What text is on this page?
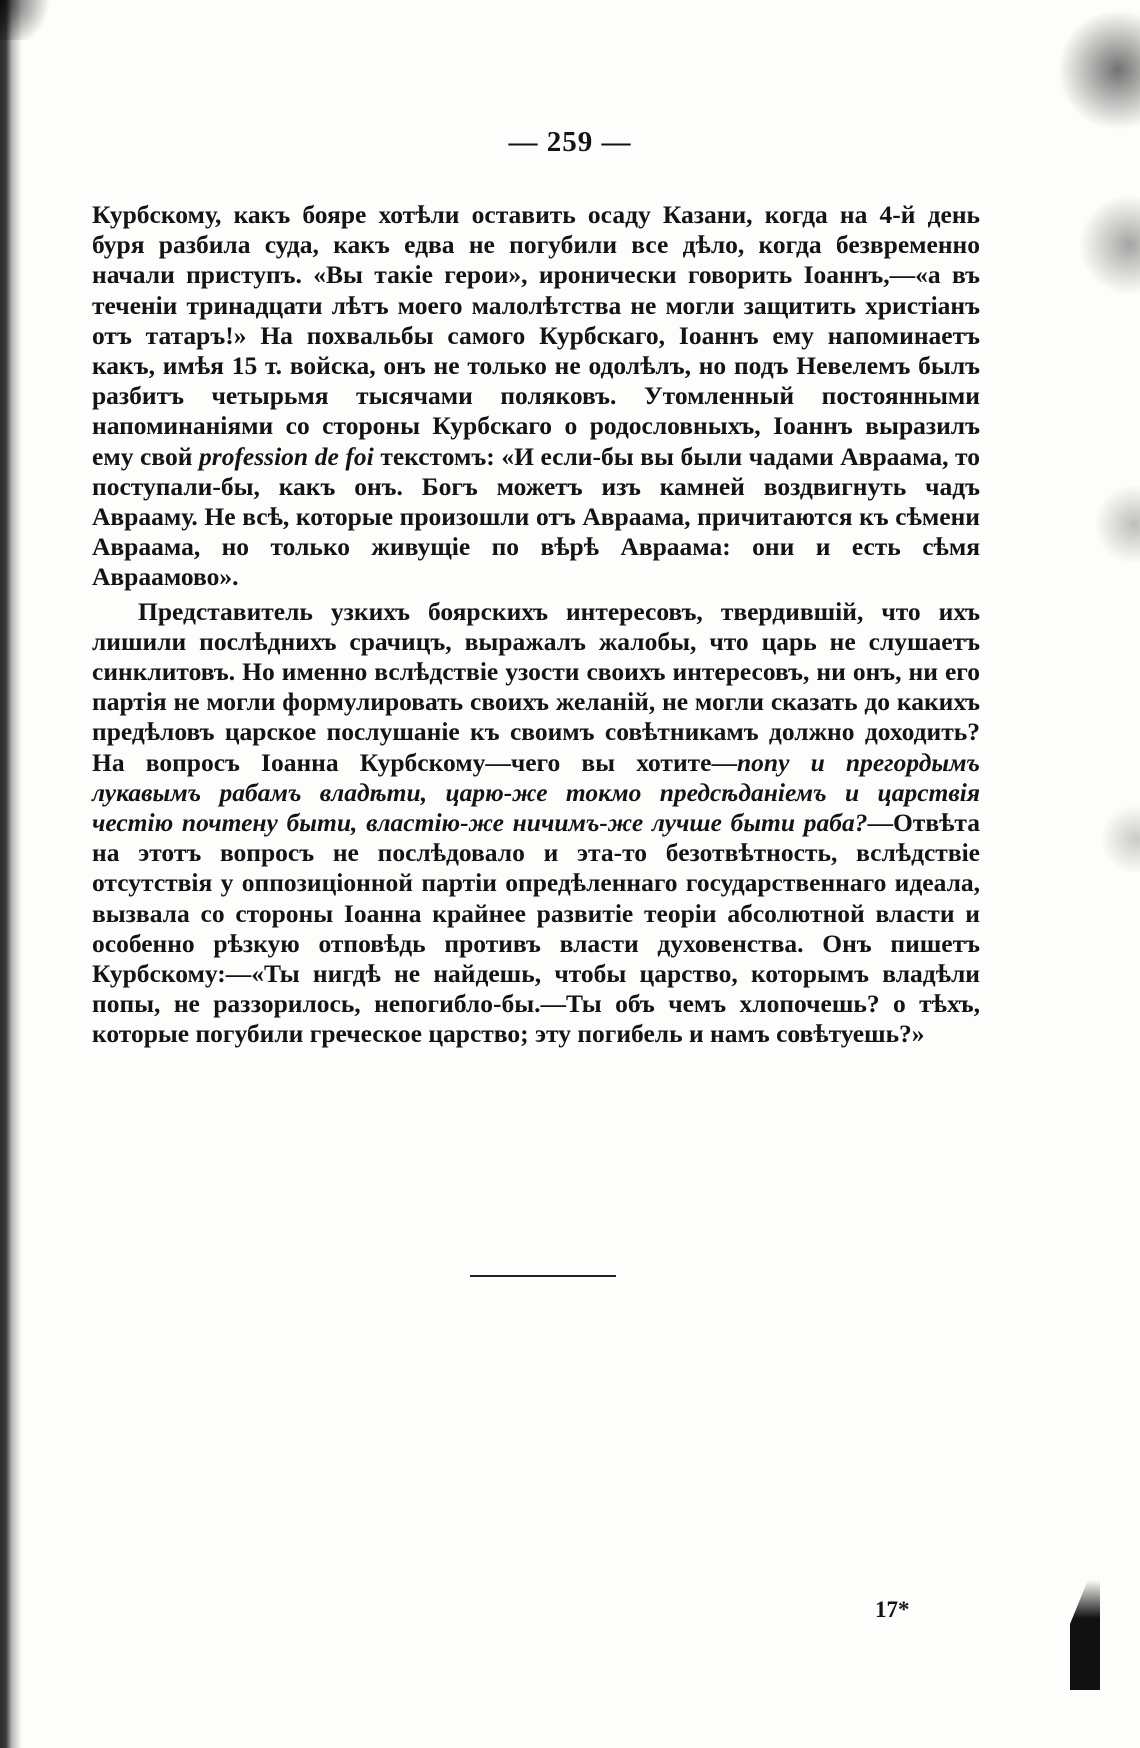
— 259 —

Курбскому, какъ бояре хотѣли оставить осаду Казани, когда на 4-й день буря разбила суда, какъ едва не погубили все дѣло, когда безвременно начали приступъ. «Вы такіе герои», иронически говорить Іоаннъ,—«а въ теченіи тринадцати лѣтъ моего малолѣтства не могли защитить христіанъ отъ татаръ!» На похвальбы самого Курбскаго, Іоаннъ ему напоминаетъ какъ, имѣя 15 т. войска, онъ не только не одолѣлъ, но подъ Невелемъ былъ разбитъ четырьмя тысячами поляковъ. Утомленный постоянными напоминаніями со стороны Курбскаго о родословныхъ, Іоаннъ выразилъ ему свой profession de foi текстомъ: «И если-бы вы были чадами Авраама, то поступали-бы, какъ онъ. Богъ можетъ изъ камней воздвигнуть чадъ Аврааму. Не всѣ, которые произошли отъ Авраама, причитаются къ сѣмени Авраама, но только живущіе по вѣрѣ Авраама: они и есть сѣмя Авраамово».

Представитель узкихъ боярскихъ интересовъ, твердившій, что ихъ лишили послѣднихъ срачицъ, выражалъ жалобы, что царь не слушаетъ синклитовъ. Но именно вслѣдствіе узости своихъ интересовъ, ни онъ, ни его партія не могли формулировать своихъ желаній, не могли сказать до какихъ предѣловъ царское послушаніе къ своимъ совѣтникамъ должно доходить? На вопросъ Іоанна Курбскому—чего вы хотите—попу и прегордымъ лукавымъ рабамъ владѣти, царю-же токмо предсѣданіемъ и царствія честію почтену быти, властію-же ничимъ-же лучше быти раба?—Отвѣта на этотъ вопросъ не послѣдовало и эта-то безотвѣтность, вслѣдствіе отсутствія у оппозиціонной партіи опредѣленнаго государственнаго идеала, вызвала со стороны Іоанна крайнее развитіе теоріи абсолютной власти и особенно рѣзкую отповѣдь противъ власти духовенства. Онъ пишетъ Курбскому:—«Ты нигдѣ не найдешь, чтобы царство, которымъ владѣли попы, не раззорилось, непогибло-бы.—Ты объ чемъ хлопочешь? о тѣхъ, которые погубили греческое царство; эту погибель и намъ совѣтуешь?»

17*
